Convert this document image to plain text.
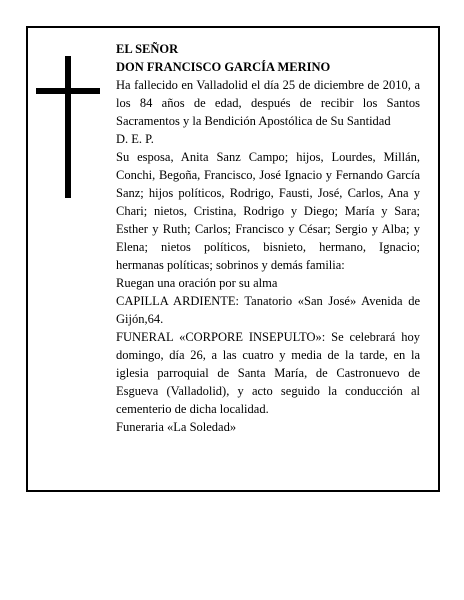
EL SEÑOR

DON FRANCISCO GARCÍA MERINO

Ha fallecido en Valladolid el día 25 de diciembre de 2010, a los 84 años de edad, después de recibir los Santos Sacramentos y la Bendición Apostólica de Su Santidad

D. E. P.

Su esposa, Anita Sanz Campo; hijos, Lourdes, Millán, Conchi, Begoña, Francisco, José Ignacio y Fernando García Sanz; hijos políticos, Rodrigo, Fausti, José, Carlos, Ana y Chari; nietos, Cristina, Rodrigo y Diego; María y Sara; Esther y Ruth; Carlos; Francisco y César; Sergio y Alba; y Elena; nietos políticos, bisnieto, hermano, Ignacio; hermanas políticas; sobrinos y demás familia:

Ruegan una oración por su alma

CAPILLA ARDIENTE: Tanatorio «San José» Avenida de Gijón,64.

FUNERAL «CORPORE INSEPULTO»: Se celebrará hoy domingo, día 26, a las cuatro y media de la tarde, en la iglesia parroquial de Santa María, de Castronuevo de Esgueva (Valladolid), y acto seguido la conducción al cementerio de dicha localidad.

Funeraria «La Soledad»
